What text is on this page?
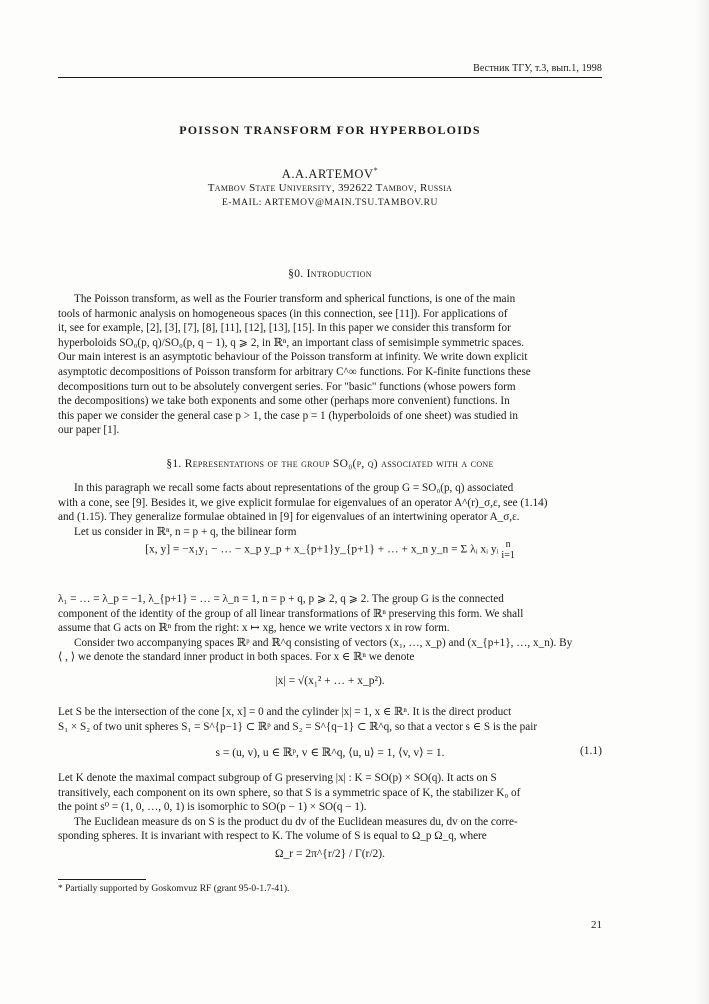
Вестник ТГУ, т.3, вып.1, 1998
POISSON TRANSFORM FOR HYPERBOLOIDS
A.A.ARTEMOV*
Tambov State University, 392622 Tambov, Russia
E-MAIL: ARTEMOV@MAIN.TSU.TAMBOV.RU
§0. Introduction
The Poisson transform, as well as the Fourier transform and spherical functions, is one of the main
tools of harmonic analysis on homogeneous spaces (in this connection, see [11]). For applications of
it, see for example, [2], [3], [7], [8], [11], [12], [13], [15]. In this paper we consider this transform for
hyperboloids SO₀(p, q)/SO₀(p, q − 1), q ⩾ 2, in ℝⁿ, an important class of semisimple symmetric spaces.
Our main interest is an asymptotic behaviour of the Poisson transform at infinity. We write down explicit
asymptotic decompositions of Poisson transform for arbitrary C^∞ functions. For K-finite functions these
decompositions turn out to be absolutely convergent series. For "basic" functions (whose powers form
the decompositions) we take both exponents and some other (perhaps more convenient) functions. In
this paper we consider the general case p > 1, the case p = 1 (hyperboloids of one sheet) was studied in
our paper [1].
§1. Representations of the group SO₀(p, q) associated with a cone
In this paragraph we recall some facts about representations of the group G = SO₀(p, q) associated
with a cone, see [9]. Besides it, we give explicit formulae for eigenvalues of an operator A^(r)_σ,ε, see (1.14)
and (1.15). They generalize formulae obtained in [9] for eigenvalues of an intertwining operator A_σ,ε.
Let us consider in ℝⁿ, n = p + q, the bilinear form
[x, y] = −x₁y₁ − … − x_p y_p + x_{p+1}y_{p+1} + … + x_n y_n = Σ λᵢ xᵢ yᵢ n
i=1
λ₁ = … = λ_p = −1, λ_{p+1} = … = λ_n = 1, n = p + q, p ⩾ 2, q ⩾ 2. The group G is the connected
component of the identity of the group of all linear transformations of ℝⁿ preserving this form. We shall
assume that G acts on ℝⁿ from the right: x ↦ xg, hence we write vectors x in row form.
Consider two accompanying spaces ℝᵖ and ℝ^q consisting of vectors (x₁, …, x_p) and (x_{p+1}, …, x_n). By
⟨ , ⟩ we denote the standard inner product in both spaces. For x ∈ ℝⁿ we denote
|x| = √(x₁² + … + x_p²).
Let S be the intersection of the cone [x, x] = 0 and the cylinder |x| = 1, x ∈ ℝⁿ. It is the direct product
S₁ × S₂ of two unit spheres S₁ = S^{p−1} ⊂ ℝᵖ and S₂ = S^{q−1} ⊂ ℝ^q, so that a vector s ∈ S is the pair
s = (u, v), u ∈ ℝᵖ, v ∈ ℝ^q, ⟨u, u⟩ = 1, ⟨v, v⟩ = 1.	(1.1)
Let K denote the maximal compact subgroup of G preserving |x| : K = SO(p) × SO(q). It acts on S
transitively, each component on its own sphere, so that S is a symmetric space of K, the stabilizer K₀ of
the point s⁰ = (1, 0, …, 0, 1) is isomorphic to SO(p − 1) × SO(q − 1).
The Euclidean measure ds on S is the product du dv of the Euclidean measures du, dv on the corre-
sponding spheres. It is invariant with respect to K. The volume of S is equal to Ω_p Ω_q, where
Ω_r = 2π^{r/2} / Γ(r/2).
* Partially supported by Goskomvuz RF (grant 95-0-1.7-41).
21
